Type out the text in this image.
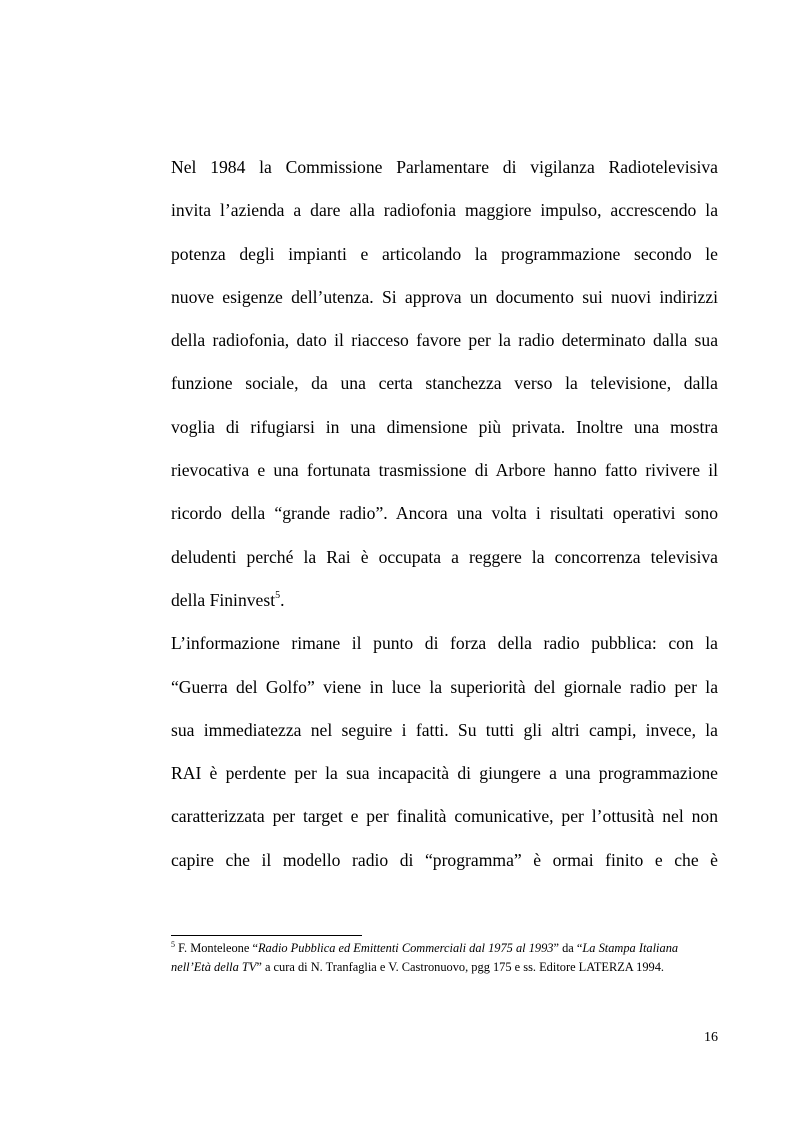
Nel 1984 la Commissione Parlamentare di vigilanza Radiotelevisiva
invita l’azienda a dare alla radiofonia maggiore impulso, accrescendo la
potenza degli impianti e articolando la programmazione secondo le
nuove esigenze dell’utenza. Si approva un documento sui nuovi indirizzi
della radiofonia, dato il riacceso favore per la radio determinato dalla sua
funzione sociale, da una certa stanchezza verso la televisione, dalla
voglia di rifugiarsi in una dimensione più privata. Inoltre una mostra
rievocativa e una fortunata trasmissione di Arbore hanno fatto rivivere il
ricordo della “grande radio”. Ancora una volta i risultati operativi sono
deludenti perché la Rai è occupata a reggere la concorrenza televisiva
della Fininvest$^5$.

L’informazione rimane il punto di forza della radio pubblica: con la
“Guerra del Golfo” viene in luce la superiorità del giornale radio per la
sua immediatezza nel seguire i fatti. Su tutti gli altri campi, invece, la
RAI è perdente per la sua incapacità di giungere a una programmazione
caratterizzata per target e per finalità comunicative, per l’ottusità nel non
capire che il modello radio di “programma” è ormai finito e che è

$^5$ F. Monteleone “Radio Pubblica ed Emittenti Commerciali dal 1975 al 1993” da “La Stampa Italiana
nell’Età della TV” a cura di N. Tranfaglia e V. Castronuovo, pgg 175 e ss. Editore LATERZA 1994.
16
